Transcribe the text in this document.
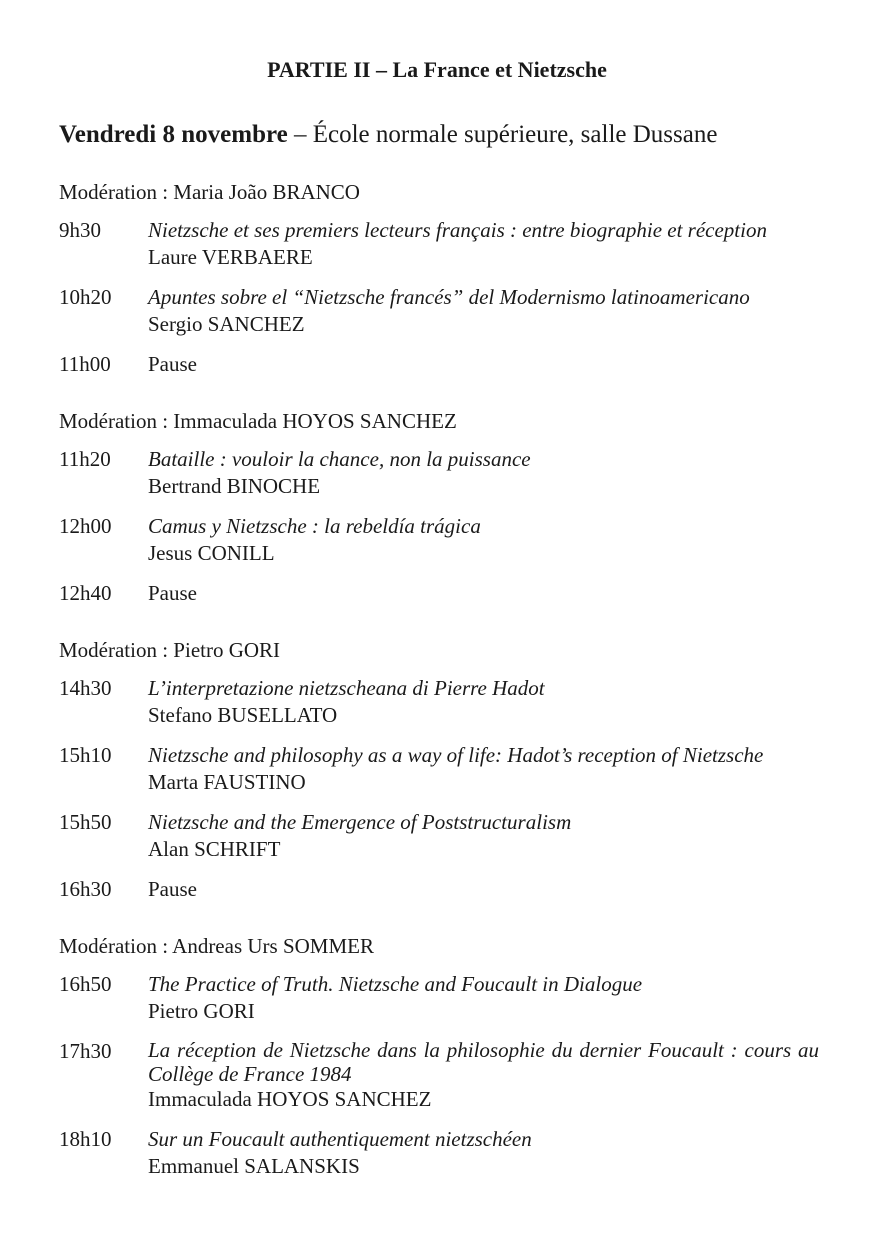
PARTIE II – La France et Nietzsche
Vendredi 8 novembre – École normale supérieure, salle Dussane
Modération : Maria João BRANCO
9h30	Nietzsche et ses premiers lecteurs français : entre biographie et réception
Laure VERBAERE
10h20	Apuntes sobre el “Nietzsche francés” del Modernismo latinoamericano
Sergio SANCHEZ
11h00	Pause
Modération : Immaculada HOYOS SANCHEZ
11h20	Bataille : vouloir la chance, non la puissance
Bertrand BINOCHE
12h00	Camus y Nietzsche : la rebeldía trágica
Jesus CONILL
12h40	Pause
Modération : Pietro GORI
14h30	L’interpretazione nietzscheana di Pierre Hadot
Stefano BUSELLATO
15h10	Nietzsche and philosophy as a way of life: Hadot’s reception of Nietzsche
Marta FAUSTINO
15h50	Nietzsche and the Emergence of Poststructuralism
Alan SCHRIFT
16h30	Pause
Modération : Andreas Urs SOMMER
16h50	The Practice of Truth. Nietzsche and Foucault in Dialogue
Pietro GORI
17h30	La réception de Nietzsche dans la philosophie du dernier Foucault : cours au Collège de France 1984
Immaculada HOYOS SANCHEZ
18h10	Sur un Foucault authentiquement nietzschéen
Emmanuel SALANSKIS
